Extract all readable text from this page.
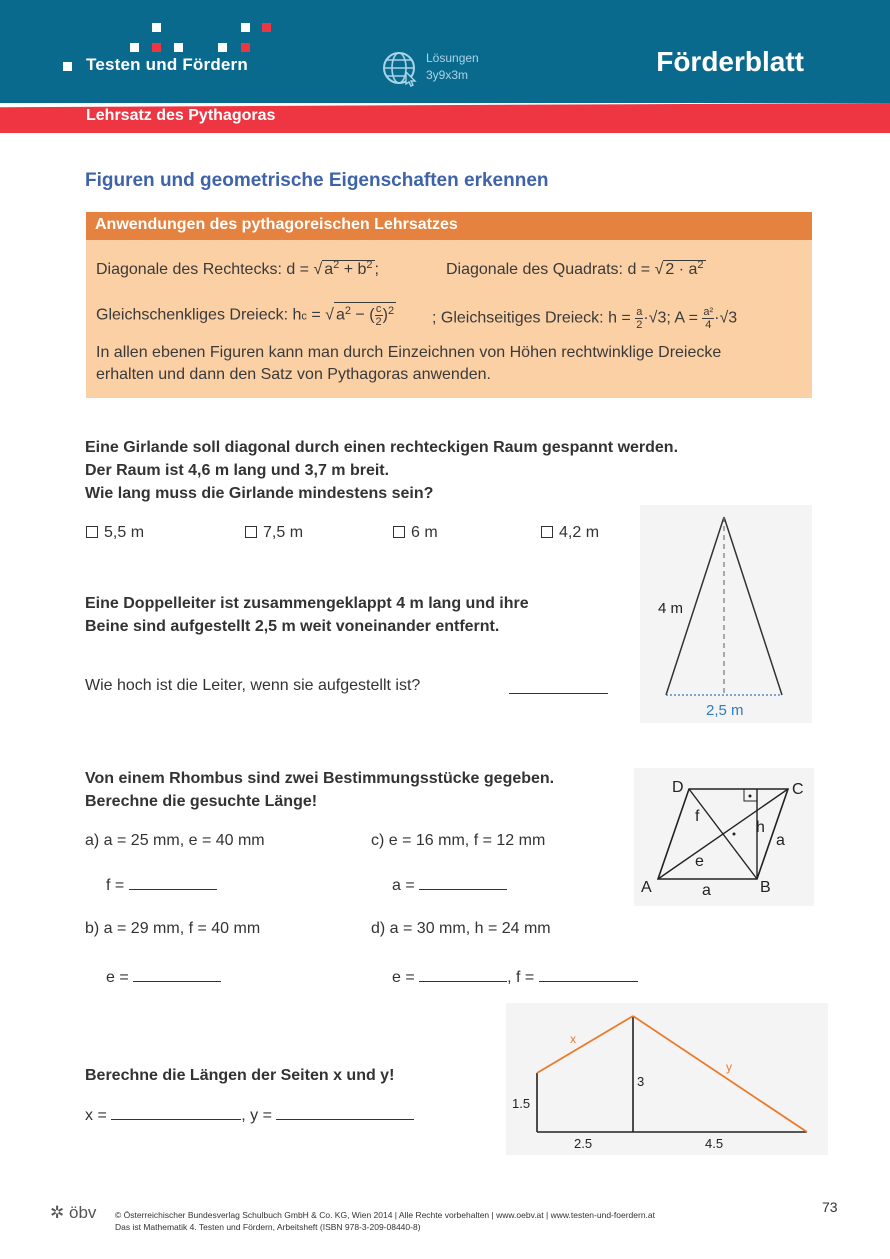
Testen und Fördern	Lösungen
3y9x3m	Förderblatt
Lehrsatz des Pythagoras
Figuren und geometrische Eigenschaften erkennen
Anwendungen des pythagoreischen Lehrsatzes
Diagonale des Rechtecks: d = √ $a^2 + b^2$ ;	Diagonale des Quadrats: d = √ $2 \cdot a^2$
Gleichschenkliges Dreieck: hc = √ $a^2$ − ( $\frac{c}{2} )^2$ ; Gleichseitiges Dreieck: $h = \frac{a}{2} \cdot√3$; $A = \frac{\text{a²}}{4} \cdot√3$
In allen ebenen Figuren kann man durch Einzeichnen von Höhen rechtwinklige Dreiecke
erhalten und dann den Satz von Pythagoras anwenden.
Eine Girlande soll diagonal durch einen rechteckigen Raum gespannt werden.
Der Raum ist 4,6 m lang und 3,7 m breit.
Wie lang muss die Girlande mindestens sein?
5,5 m	7,5 m	6 m	4,2 m
Eine Doppelleiter ist zusammengeklappt 4 m lang und ihre
Beine sind aufgestellt 2,5 m weit voneinander entfernt.
Wie hoch ist die Leiter, wenn sie aufgestellt ist?
4 m
2,5 m
Von einem Rhombus sind zwei Bestimmungsstücke gegeben.
Berechne die gesuchte Länge!
a) a = 25 mm, e = 40 mm
f =
c) e = 16 mm, f = 12 mm
a =
b) a = 29 mm, f = 40 mm
e =
d) a = 30 mm, h = 24 mm
e =	, f =
D	C
A	B
a
a
e
f
h
Berechne die Längen der Seiten x und y!
x =	, y =
x
y
1.5
3
2.5	4.5
✲ öbv © Österreichischer Bundesverlag Schulbuch GmbH & Co. KG, Wien 2014 | Alle Rechte vorbehalten | www.oebv.at | www.testen-und-foerdern.at
Das ist Mathematik 4. Testen und Fördern, Arbeitsheft (ISBN 978-3-209-08440-8)
73
